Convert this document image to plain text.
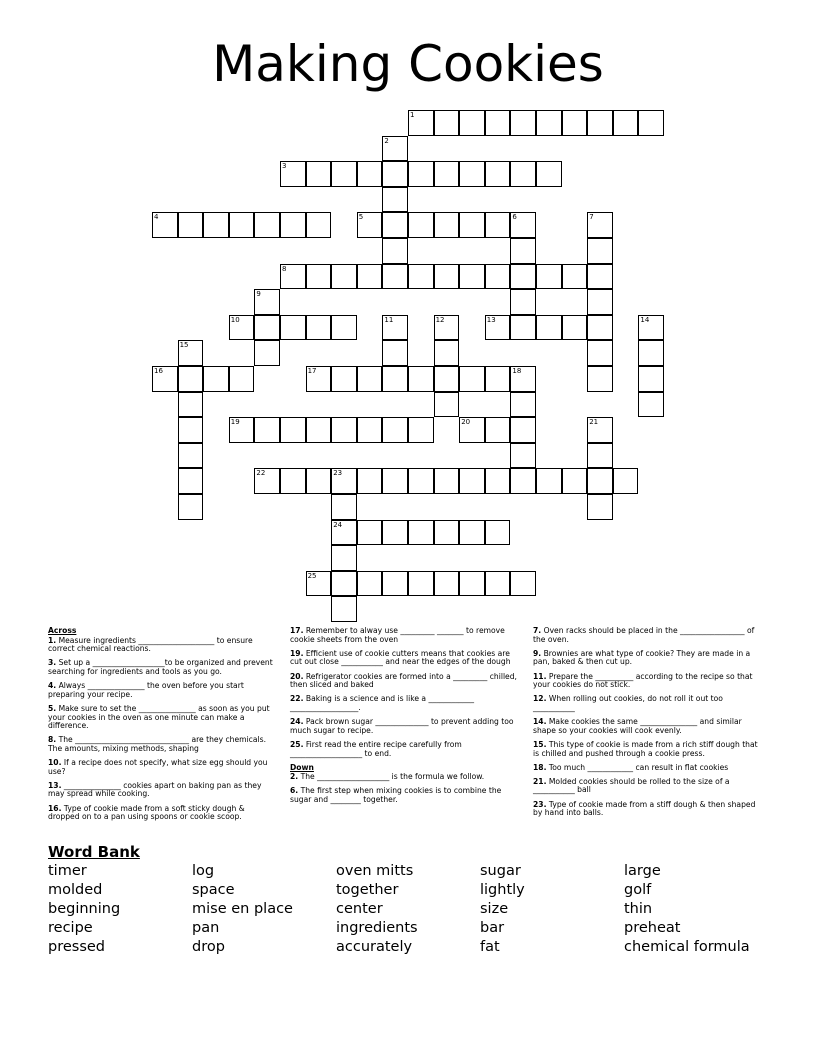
Making Cookies
1
3
4	5
8
10	13
16	17	18
19	20
22	23
24
25
2
6	7
9
11	12	14
15
21
Across
1. Measure ingredients ____________________ to ensure correct chemical reactions.
3. Set up a ___________________to be organized and prevent searching for ingredients and tools as you go.
4. Always _______________ the oven before you start preparing your recipe.
5. Make sure to set the _______________ as soon as you put your cookies in the oven as one minute can make a difference.
8. The ______________________________ are they chemicals. The amounts, mixing methods, shaping
10. If a recipe does not specify, what size egg should you use?
13. _______________ cookies apart on baking pan as they may spread while cooking.
16. Type of cookie made from a soft sticky dough & dropped on to a pan using spoons or cookie scoop.
17. Remember to alway use _________ _______ to remove cookie sheets from the oven
19. Efficient use of cookie cutters means that cookies are cut out close ___________ and near the edges of the dough
20. Refrigerator cookies are formed into a _________ chilled, then sliced and baked
22. Baking is a science and is like a ____________ __________________.
24. Pack brown sugar ______________ to prevent adding too much sugar to recipe.
25. First read the entire recipe carefully from ___________________ to end.
Down
2. The ___________________ is the formula we follow.
6. The first step when mixing cookies is to combine the sugar and ________ together.
7. Oven racks should be placed in the _________________ of the oven.
9. Brownies are what type of cookie? They are made in a pan, baked & then cut up.
11. Prepare the __________ according to the recipe so that your cookies do not stick.
12. When rolling out cookies, do not roll it out too ___________
14. Make cookies the same _______________ and similar shape so your cookies will cook evenly.
15. This type of cookie is made from a rich stiff dough that is chilled and pushed through a cookie press.
18. Too much ____________ can result in flat cookies
21. Molded cookies should be rolled to the size of a ___________ ball
23. Type of cookie made from a stiff dough & then shaped by hand into balls.
Word Bank
timer	log	oven mitts	sugar	large
molded	space	together	lightly	golf
beginning	mise en place	center	size	thin
recipe	pan	ingredients	bar	preheat
pressed	drop	accurately	fat	chemical formula
